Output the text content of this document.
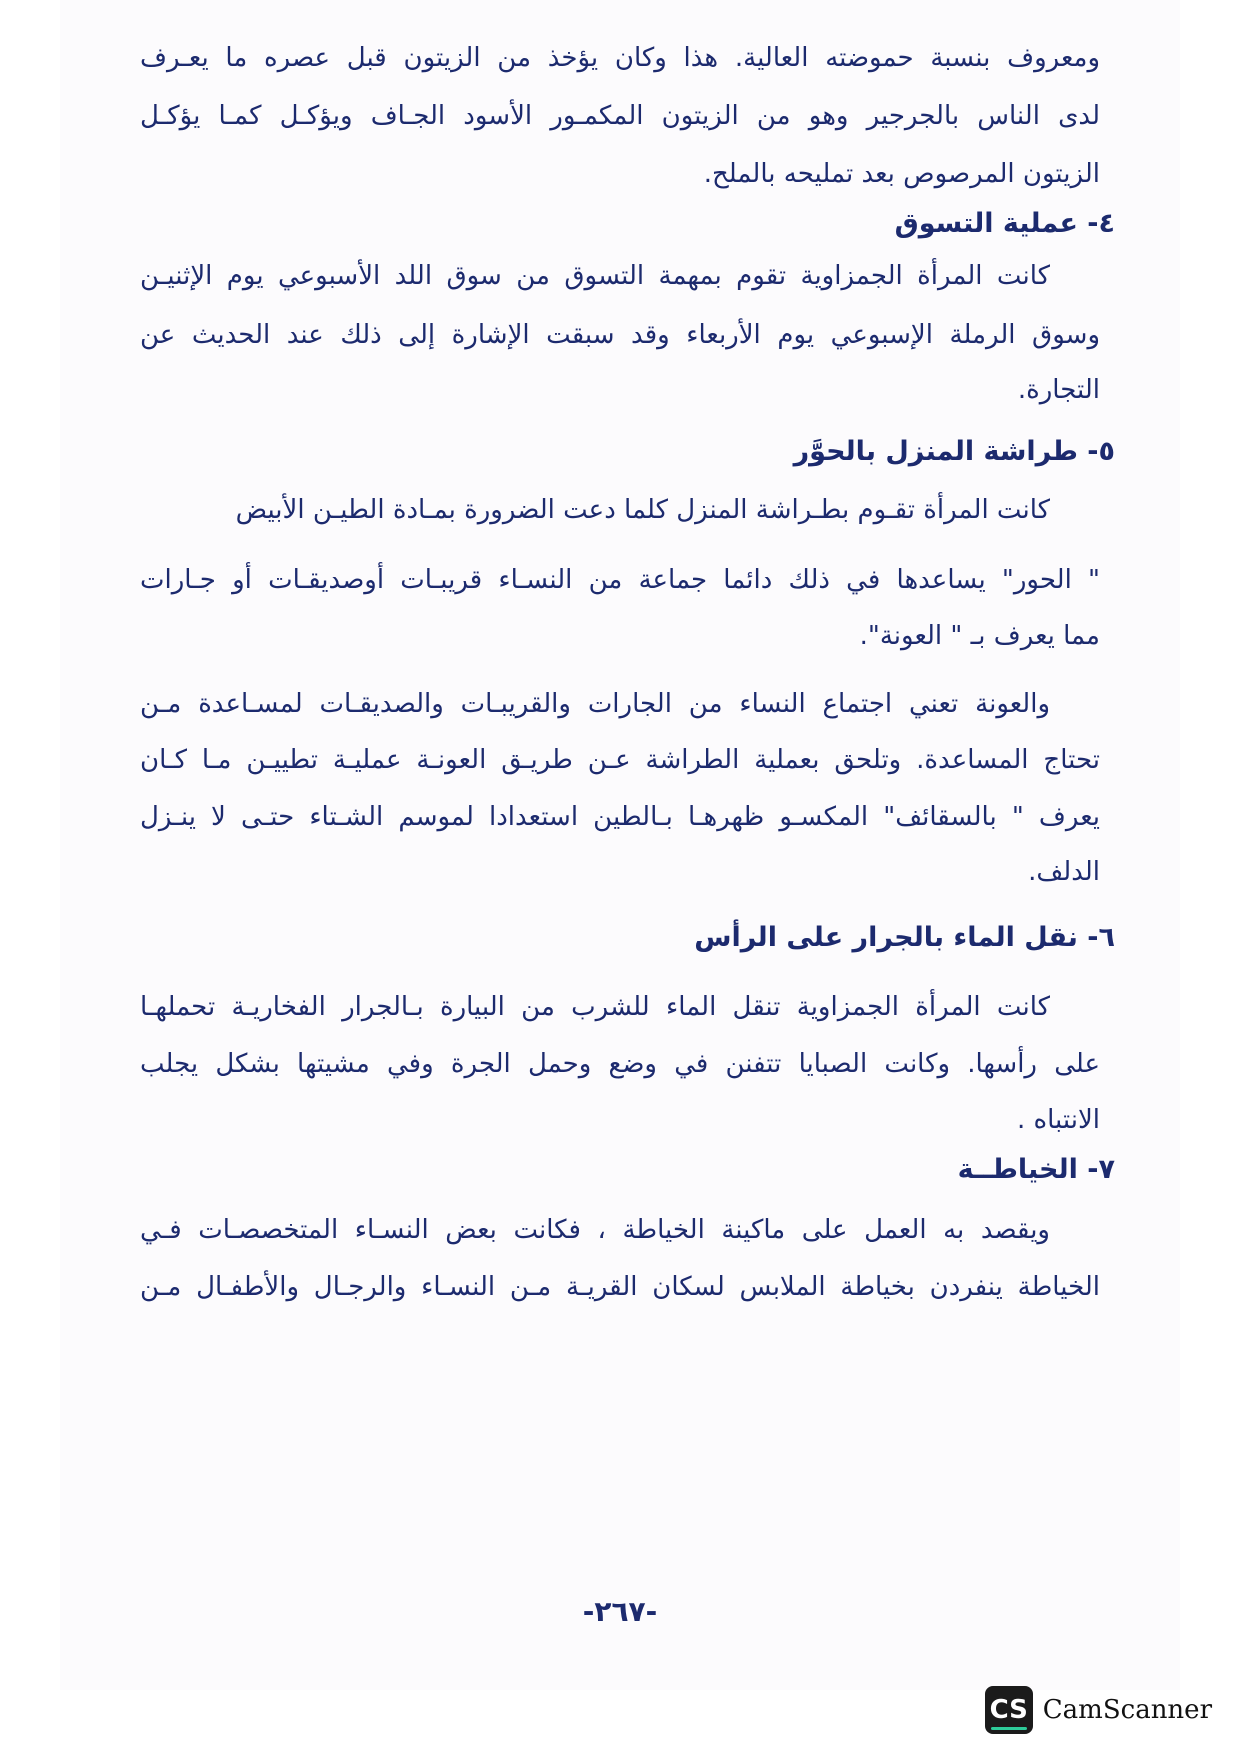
ومعروف بنسبة حموضته العالية. هذا وكان يؤخذ من الزيتون قبل عصره ما يعـرف
لدى الناس بالجرجير وهو من الزيتون المكمـور الأسود الجـاف ويؤكـل كمـا يؤكـل
الزيتون المرصوص بعد تمليحه بالملح.
٤- عملية التسوق
كانت المرأة الجمزاوية تقوم بمهمة التسوق من سوق اللد الأسبوعي يوم الإثنيـن
وسوق الرملة الإسبوعي يوم الأربعاء وقد سبقت الإشارة إلى ذلك عند الحديث عن
التجارة.
٥- طراشة المنزل بالحوَّر
كانت المرأة تقـوم بطـراشة المنزل كلما دعت الضرورة بمـادة الطيـن الأبيض
" الحور" يساعدها في ذلك دائما جماعة من النسـاء قريبـات أوصديقـات أو جـارات
مما يعرف بـ " العونة".
والعونة تعني اجتماع النساء من الجارات والقريبـات والصديقـات لمسـاعدة مـن
تحتاج المساعدة. وتلحق بعملية الطراشة عـن طريـق العونـة عمليـة تطييـن مـا كـان
يعرف " بالسقائف" المكسـو ظهرهـا بـالطين استعدادا لموسم الشـتاء حتـى لا ينـزل
الدلف.
٦- نقل الماء بالجرار على الرأس
كانت المرأة الجمزاوية تنقل الماء للشرب من البيارة بـالجرار الفخاريـة تحملهـا
على رأسها. وكانت الصبايا تتفنن في وضع وحمل الجرة وفي مشيتها بشكل يجلب
الانتباه .
٧- الخياطــة
ويقصد به العمل على ماكينة الخياطة ، فكانت بعض النسـاء المتخصصـات فـي
الخياطة ينفردن بخياطة الملابس لسكان القريـة مـن النسـاء والرجـال والأطفـال مـن
-٢٦٧-
CS CamScanner
